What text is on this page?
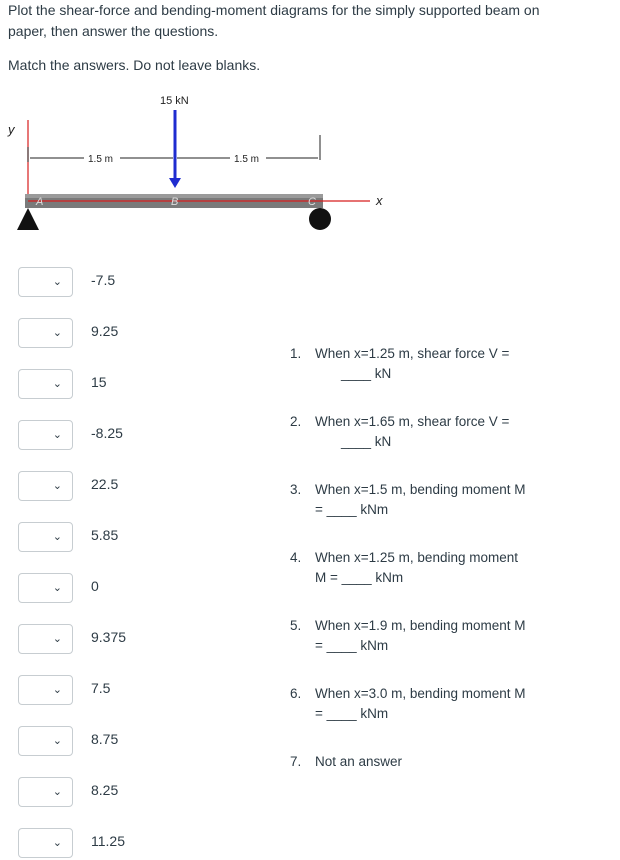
Plot the shear-force and bending-moment diagrams for the simply supported beam on paper, then answer the questions.
Match the answers. Do not leave blanks.
y
15 kN
1.5 m	1.5 m
x
A	B	C
⌄ -7.5
⌄ 9.25
⌄ 15
⌄ -8.25
⌄ 22.5
⌄ 5.85
⌄ 0
⌄ 9.375
⌄ 7.5
⌄ 8.75
⌄ 8.25
⌄ 11.25
1. When x=1.25 m, shear force V =
____ kN
2. When x=1.65 m, shear force V =
____ kN
3. When x=1.5 m, bending moment M
= ____ kNm
4. When x=1.25 m, bending moment
M = ____ kNm
5. When x=1.9 m, bending moment M
= ____ kNm
6. When x=3.0 m, bending moment M
= ____ kNm
7. Not an answer
